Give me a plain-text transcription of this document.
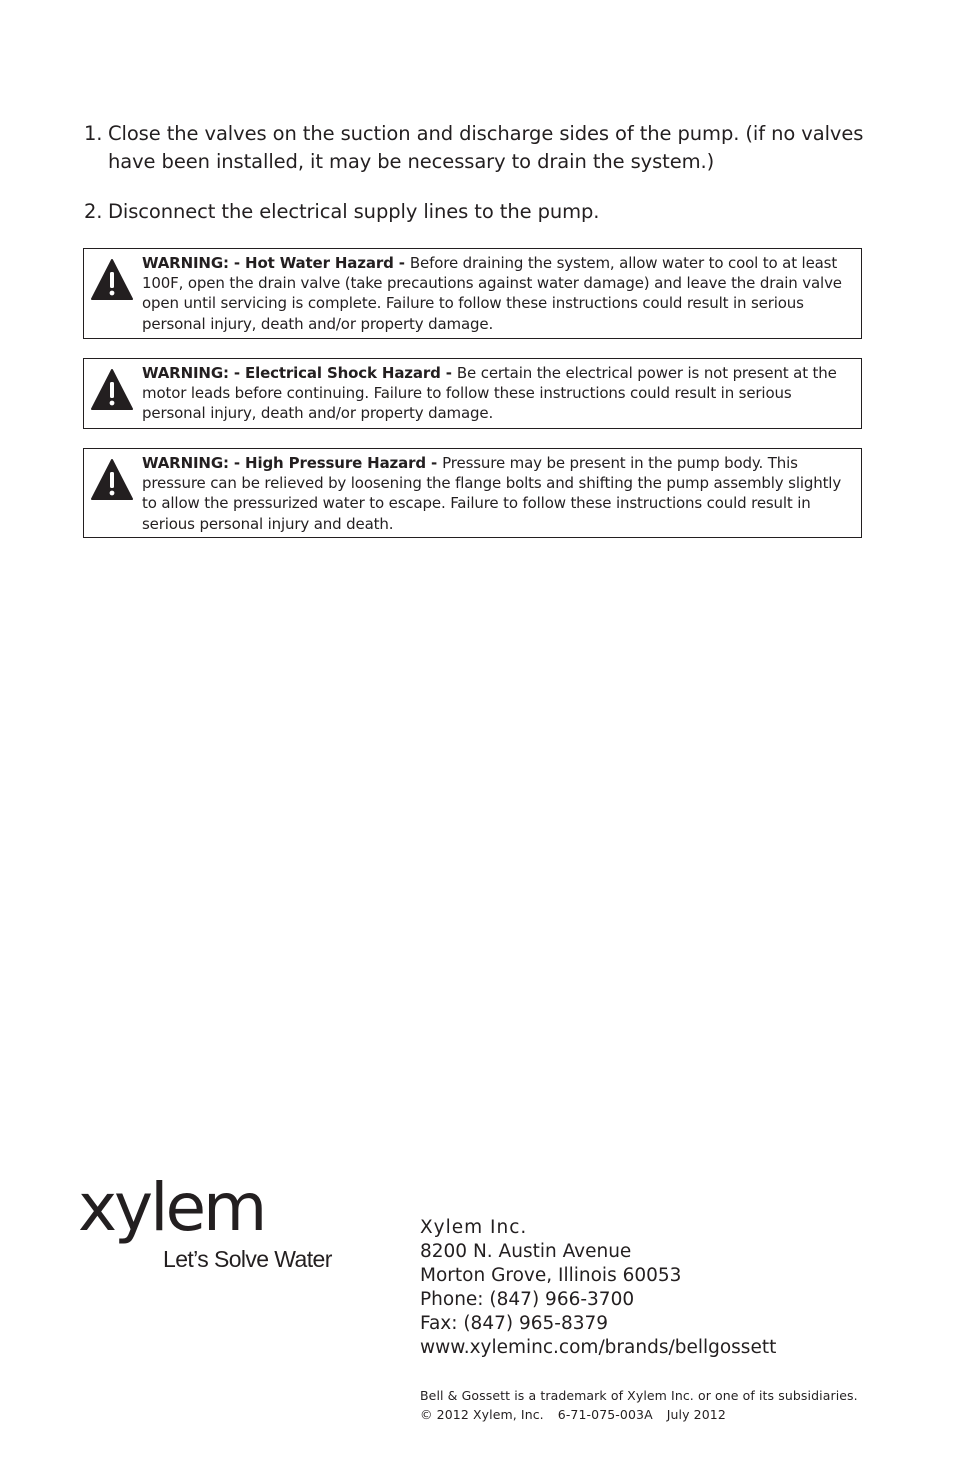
1. Close the valves on the suction and discharge sides of the pump. (if no valves have been installed, it may be necessary to drain the system.)
2. Disconnect the electrical supply lines to the pump.
WARNING: - Hot Water Hazard - Before draining the system, allow water to cool to at least 100F, open the drain valve (take precautions against water damage) and leave the drain valve open until servicing is complete. Failure to follow these instructions could result in serious personal injury, death and/or property damage.
WARNING: - Electrical Shock Hazard - Be certain the electrical power is not present at the motor leads before continuing. Failure to follow these instructions could result in serious personal injury, death and/or property damage.
WARNING: - High Pressure Hazard - Pressure may be present in the pump body. This pressure can be relieved by loosening the flange bolts and shifting the pump assembly slightly to allow the pressurized water to escape. Failure to follow these instructions could result in serious personal injury and death.
xylem
Let’s Solve Water
Xylem Inc.
8200 N. Austin Avenue
Morton Grove, Illinois 60053
Phone: (847) 966-3700
Fax: (847) 965-8379
www.xyleminc.com/brands/bellgossett
Bell & Gossett is a trademark of Xylem Inc. or one of its subsidiaries.
© 2012 Xylem, Inc. 6-71-075-003A July 2012
